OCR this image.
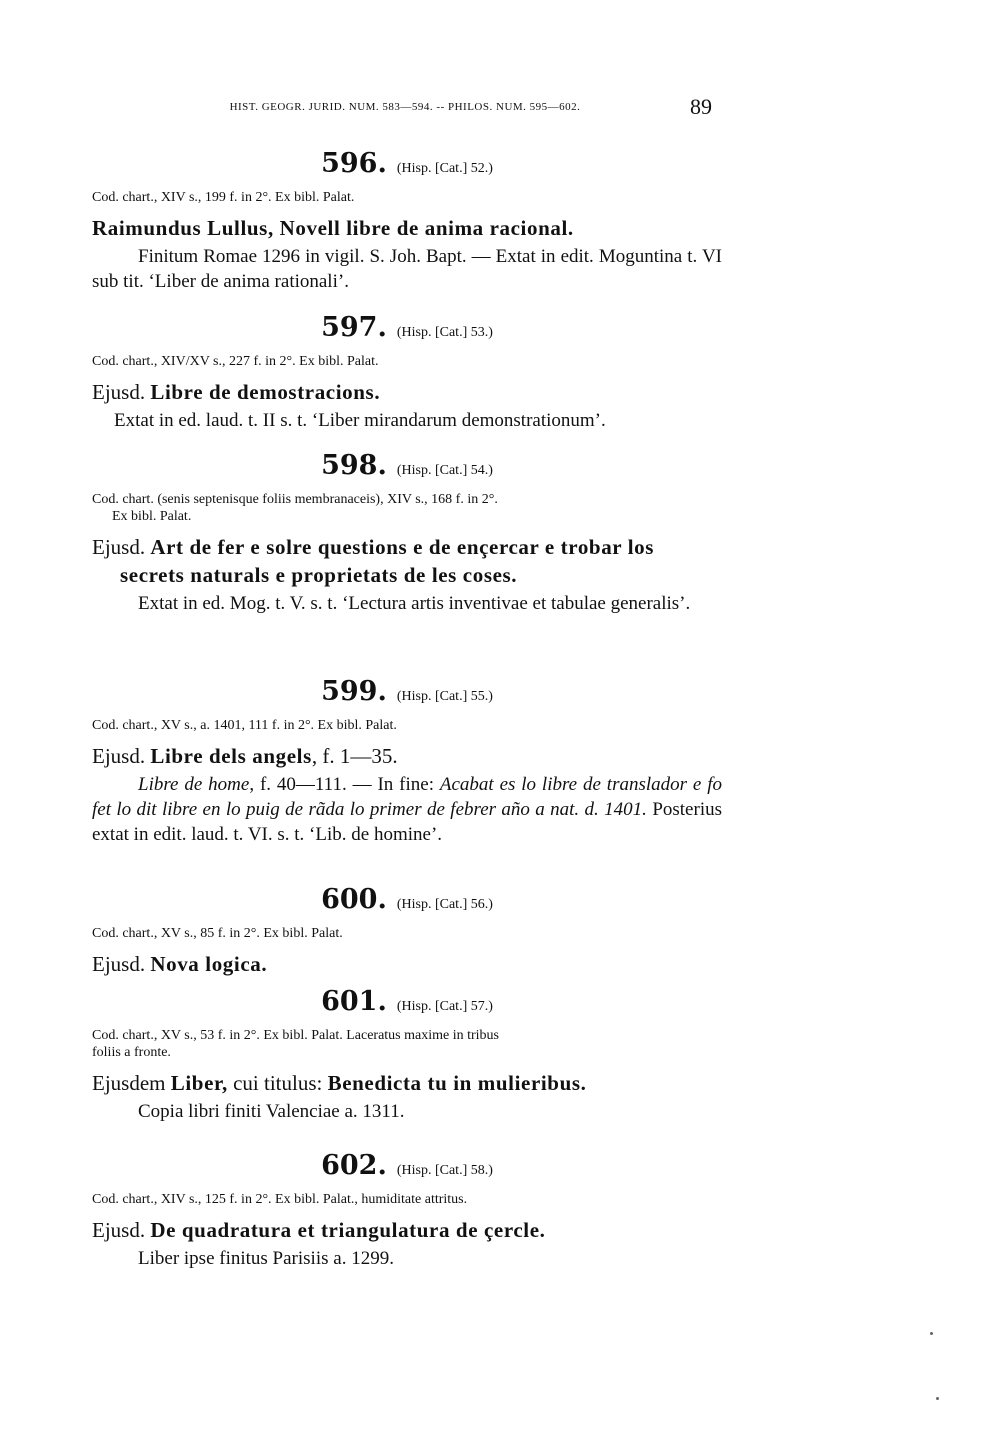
HIST. GEOGR. JURID. NUM. 583—594. -- PHILOS. NUM. 595—602.	89
596. (Hisp. [Cat.] 52.)
Cod. chart., XIV s., 199 f. in 2°. Ex bibl. Palat.
Raimundus Lullus, Novell libre de anima racional.

Finitum Romae 1296 in vigil. S. Joh. Bapt. — Extat in edit. Moguntina t. VI sub tit. ‘Liber de anima rationali’.

597. (Hisp. [Cat.] 53.)
Cod. chart., XIV/XV s., 227 f. in 2°. Ex bibl. Palat.
Ejusd. Libre de demostracions.

Extat in ed. laud. t. II s. t. ‘Liber mirandarum demonstrationum’.

598. (Hisp. [Cat.] 54.)
Cod. chart. (senis septenisque foliis membranaceis), XIV s., 168 f. in 2°.
Ex bibl. Palat.
Ejusd. Art de fer e solre questions e de ençercar e trobar los secrets naturals e proprietats de les coses.

Extat in ed. Mog. t. V. s. t. ‘Lectura artis inventivae et tabulae generalis’.

599. (Hisp. [Cat.] 55.)
Cod. chart., XV s., a. 1401, 111 f. in 2°. Ex bibl. Palat.
Ejusd. Libre dels angels, f. 1—35.

Libre de home, f. 40—111. — In fine: Acabat es lo libre de translador e fo fet lo dit libre en lo puig de rãda lo primer de febrer año a nat. d. 1401. Posterius extat in edit. laud. t. VI. s. t. ‘Lib. de homine’.

600. (Hisp. [Cat.] 56.)
Cod. chart., XV s., 85 f. in 2°. Ex bibl. Palat.
Ejusd. Nova logica.
601. (Hisp. [Cat.] 57.)
Cod. chart., XV s., 53 f. in 2°. Ex bibl. Palat. Laceratus maxime in tribus
foliis a fronte.
Ejusdem Liber, cui titulus: Benedicta tu in mulieribus.

Copia libri finiti Valenciae a. 1311.

602. (Hisp. [Cat.] 58.)
Cod. chart., XIV s., 125 f. in 2°. Ex bibl. Palat., humiditate attritus.
Ejusd. De quadratura et triangulatura de çercle.

Liber ipse finitus Parisiis a. 1299.
